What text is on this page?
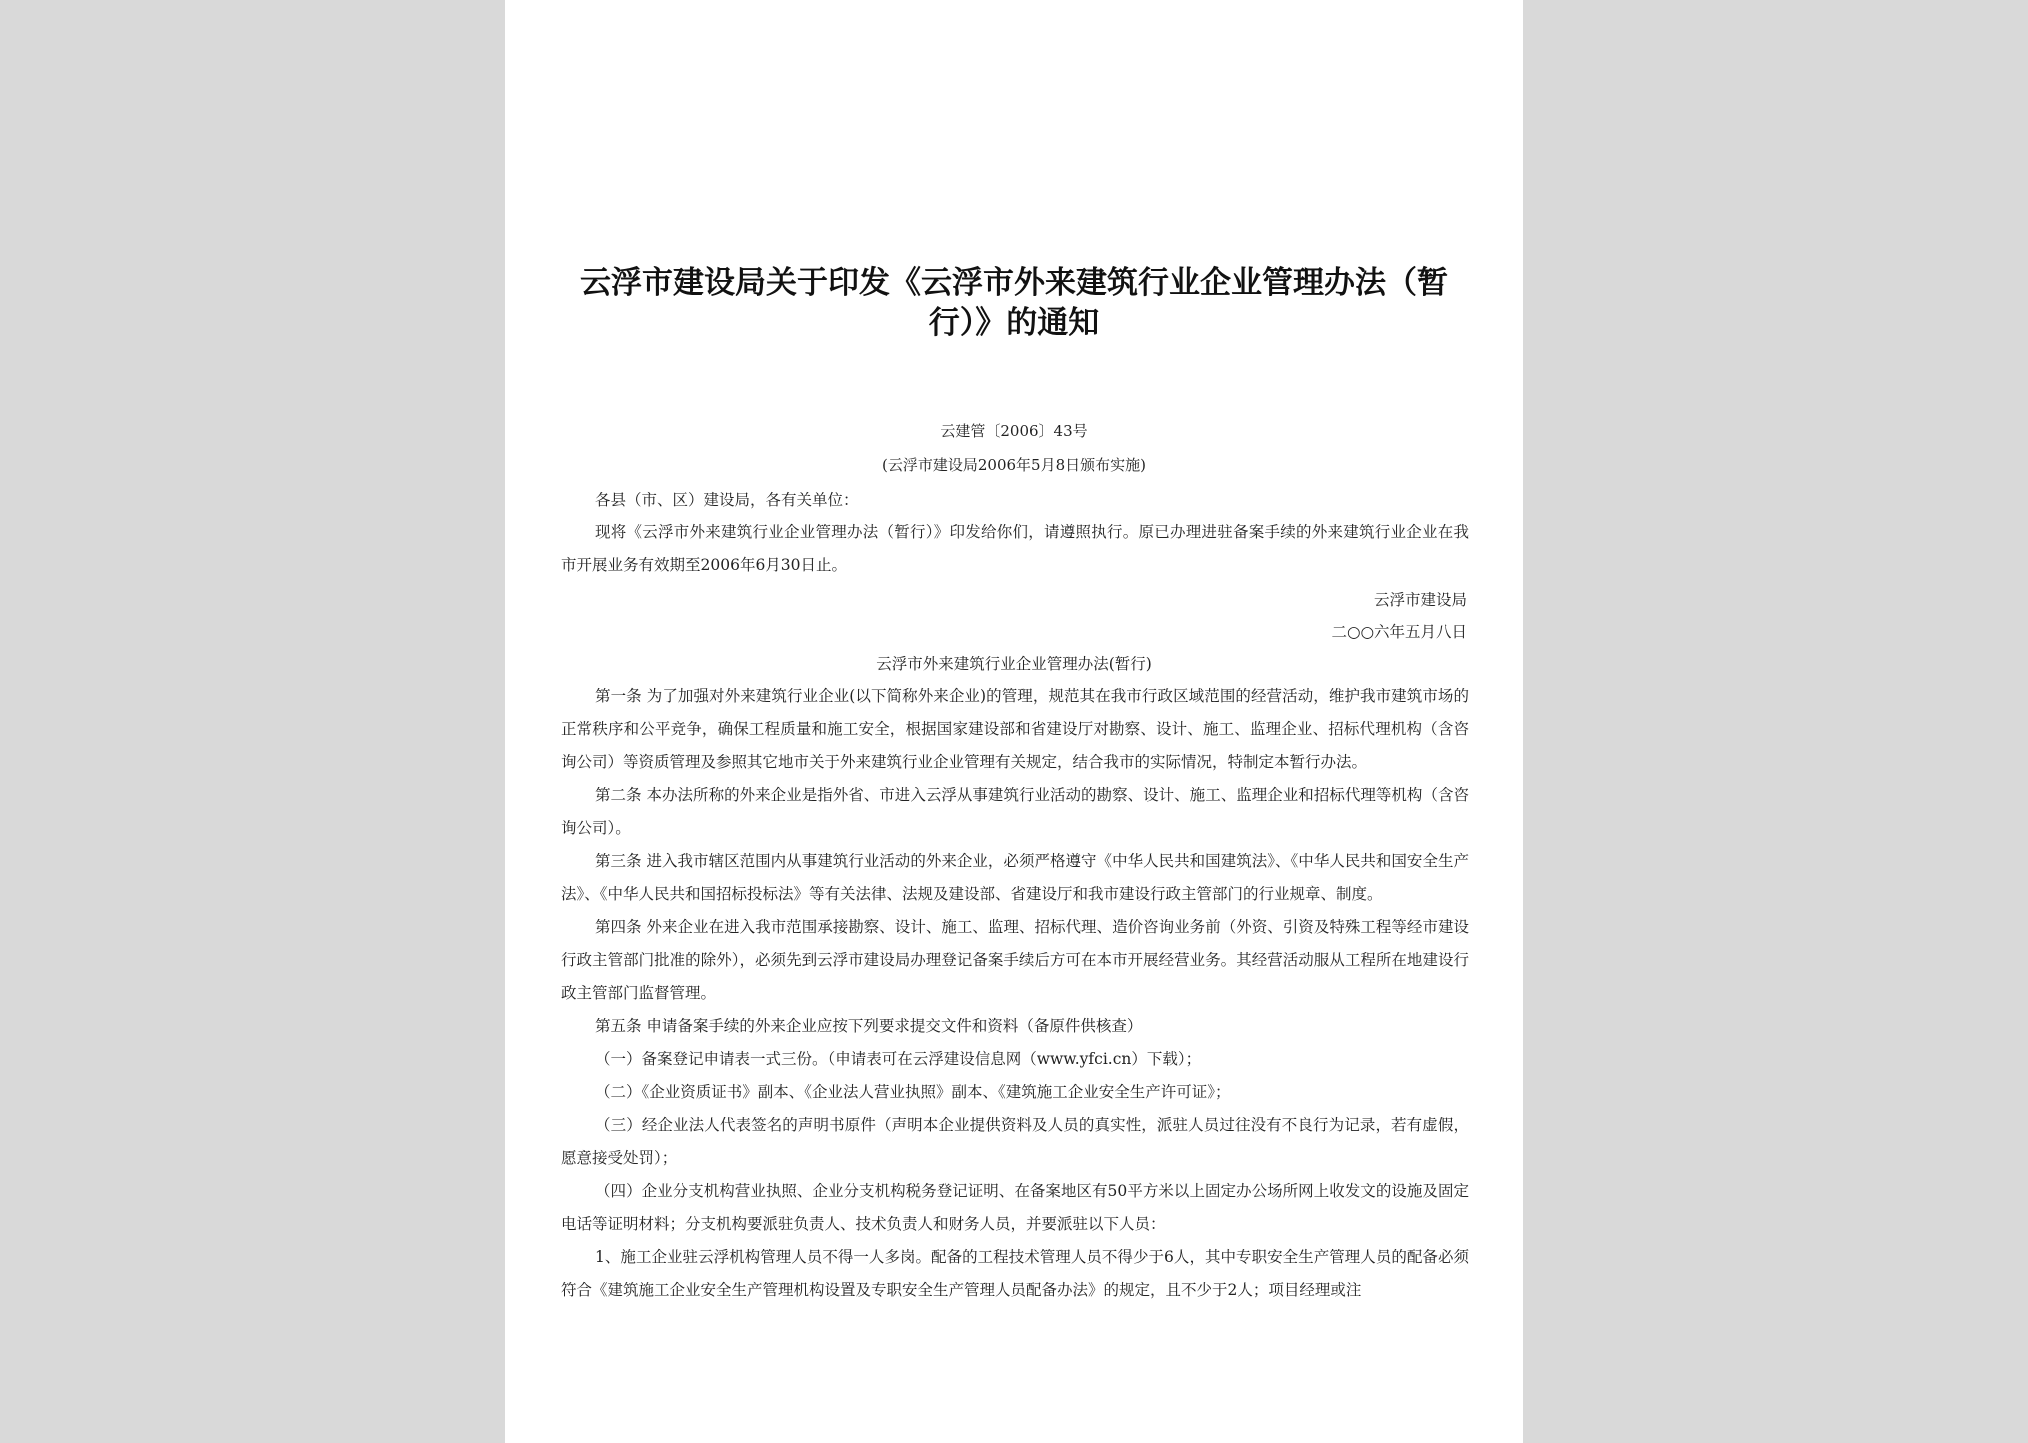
云浮市建设局关于印发《云浮市外来建筑行业企业管理办法（暂行）》的通知
云建管〔2006〕43号
(云浮市建设局2006年5月8日颁布实施)
各县（市、区）建设局，各有关单位：
现将《云浮市外来建筑行业企业管理办法（暂行）》印发给你们，请遵照执行。原已办理进驻备案手续的外来建筑行业企业在我市开展业务有效期至2006年6月30日止。
云浮市建设局
二○○六年五月八日
云浮市外来建筑行业企业管理办法(暂行)
第一条 为了加强对外来建筑行业企业(以下简称外来企业)的管理，规范其在我市行政区域范围的经营活动，维护我市建筑市场的正常秩序和公平竞争，确保工程质量和施工安全，根据国家建设部和省建设厅对勘察、设计、施工、监理企业、招标代理机构（含咨询公司）等资质管理及参照其它地市关于外来建筑行业企业管理有关规定，结合我市的实际情况，特制定本暂行办法。
第二条 本办法所称的外来企业是指外省、市进入云浮从事建筑行业活动的勘察、设计、施工、监理企业和招标代理等机构（含咨询公司）。
第三条 进入我市辖区范围内从事建筑行业活动的外来企业，必须严格遵守《中华人民共和国建筑法》、《中华人民共和国安全生产法》、《中华人民共和国招标投标法》等有关法律、法规及建设部、省建设厅和我市建设行政主管部门的行业规章、制度。
第四条 外来企业在进入我市范围承接勘察、设计、施工、监理、招标代理、造价咨询业务前（外资、引资及特殊工程等经市建设行政主管部门批准的除外），必须先到云浮市建设局办理登记备案手续后方可在本市开展经营业务。其经营活动服从工程所在地建设行政主管部门监督管理。
第五条 申请备案手续的外来企业应按下列要求提交文件和资料（备原件供核查）
（一）备案登记申请表一式三份。（申请表可在云浮建设信息网（www.yfci.cn）下载）；
（二）《企业资质证书》副本、《企业法人营业执照》副本、《建筑施工企业安全生产许可证》；
（三）经企业法人代表签名的声明书原件（声明本企业提供资料及人员的真实性，派驻人员过往没有不良行为记录，若有虚假，愿意接受处罚）；
（四）企业分支机构营业执照、企业分支机构税务登记证明、在备案地区有50平方米以上固定办公场所网上收发文的设施及固定电话等证明材料；分支机构要派驻负责人、技术负责人和财务人员，并要派驻以下人员：
1、施工企业驻云浮机构管理人员不得一人多岗。配备的工程技术管理人员不得少于6人，其中专职安全生产管理人员的配备必须符合《建筑施工企业安全生产管理机构设置及专职安全生产管理人员配备办法》的规定，且不少于2人；项目经理或注
